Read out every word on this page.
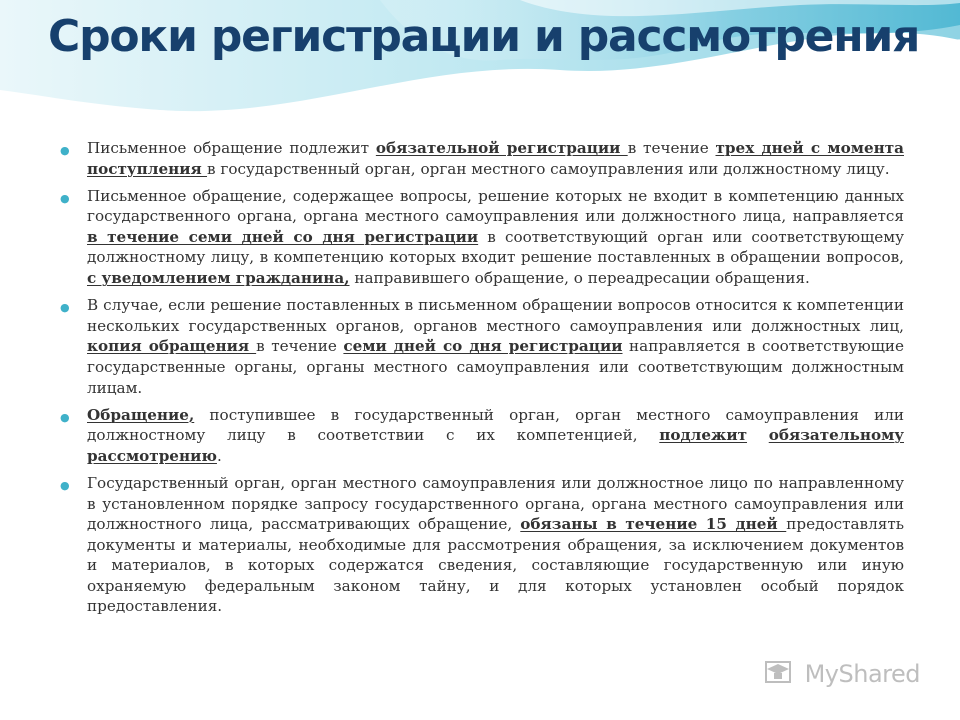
Сроки регистрации и рассмотрения
● Письменное обращение подлежит обязательной регистрации в течение трех дней с момента поступления в государственный орган, орган местного самоуправления или должностному лицу.
● Письменное обращение, содержащее вопросы, решение которых не входит в компетенцию данных государственного органа, органа местного самоуправления или должностного лица, направляется в течение семи дней со дня регистрации в соответствующий орган или соответствующему должностному лицу, в компетенцию которых входит решение поставленных в обращении вопросов, с уведомлением гражданина, направившего обращение, о переадресации обращения.
● В случае, если решение поставленных в письменном обращении вопросов относится к компетенции нескольких государственных органов, органов местного самоуправления или должностных лиц, копия обращения в течение семи дней со дня регистрации направляется в соответствующие государственные органы, органы местного самоуправления или соответствующим должностным лицам.
● Обращение, поступившее в государственный орган, орган местного самоуправления или должностному лицу в соответствии с их компетенцией, подлежит обязательному рассмотрению.
● Государственный орган, орган местного самоуправления или должностное лицо по направленному в установленном порядке запросу государственного органа, органа местного самоуправления или должностного лица, рассматривающих обращение, обязаны в течение 15 дней предоставлять документы и материалы, необходимые для рассмотрения обращения, за исключением документов и материалов, в которых содержатся сведения, составляющие государственную или иную охраняемую федеральным законом тайну, и для которых установлен особый порядок предоставления.
MyShared
